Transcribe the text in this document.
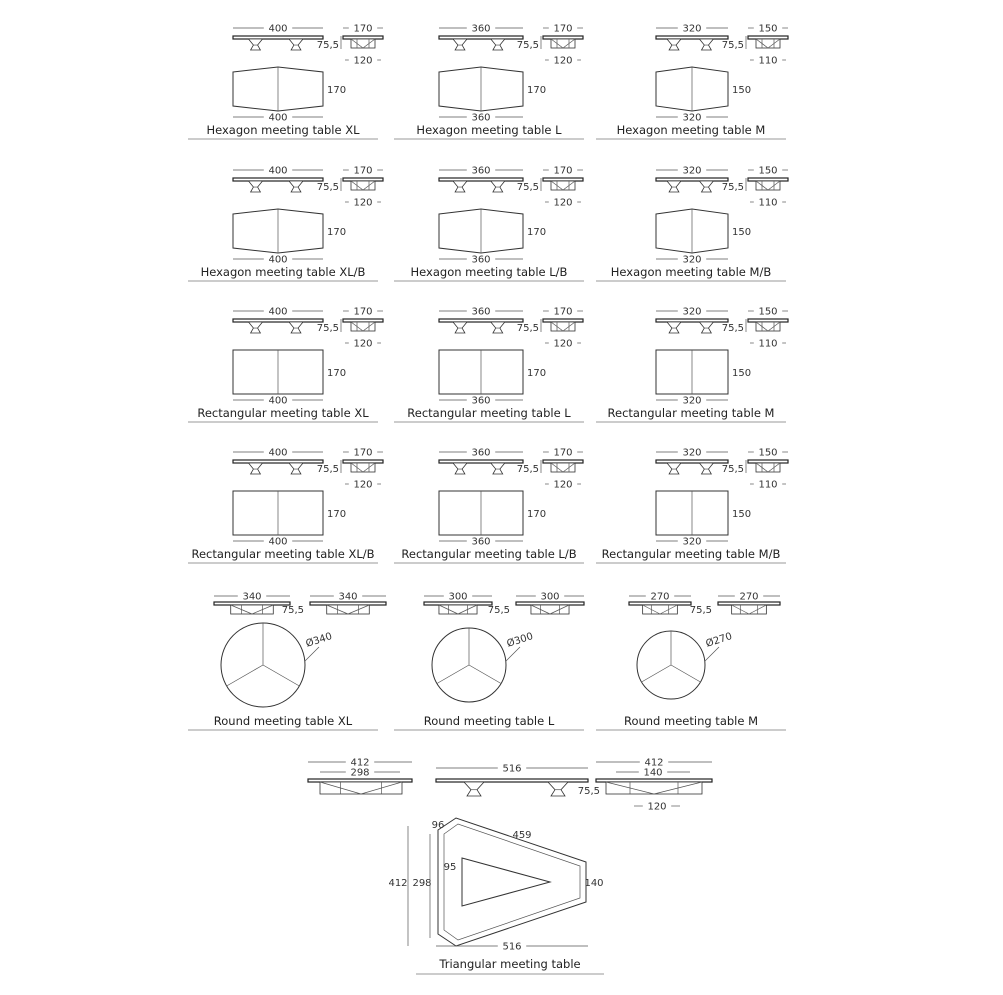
400	170
75,5
120
170
400
Hexagon meeting table XL
360	170
75,5
120
170
360
Hexagon meeting table L
320	150
75,5
110
150
320
Hexagon meeting table M
400	170
75,5
120
170
400
Hexagon meeting table XL/B
360	170
75,5
120
170
360
Hexagon meeting table L/B
320	150
75,5
110
150
320
Hexagon meeting table M/B
400	170
75,5
120
170
400
Rectangular meeting table XL
360	170
75,5
120
170
360
Rectangular meeting table L
320	150
75,5
110
150
320
Rectangular meeting table M
400	170
75,5
120
170
400
Rectangular meeting table XL/B
360	170
75,5
120
170
360
Rectangular meeting table L/B
320	150
75,5
110
150
320
Rectangular meeting table M/B
340
75,5
340
Ø340
Round meeting table XL
300
75,5
300
Ø300
Round meeting table L
270
75,5
270
Ø270
Round meeting table M
412
298	516
412
140
75,5
120
96
459
412 298
95
140
516
Triangular meeting table
